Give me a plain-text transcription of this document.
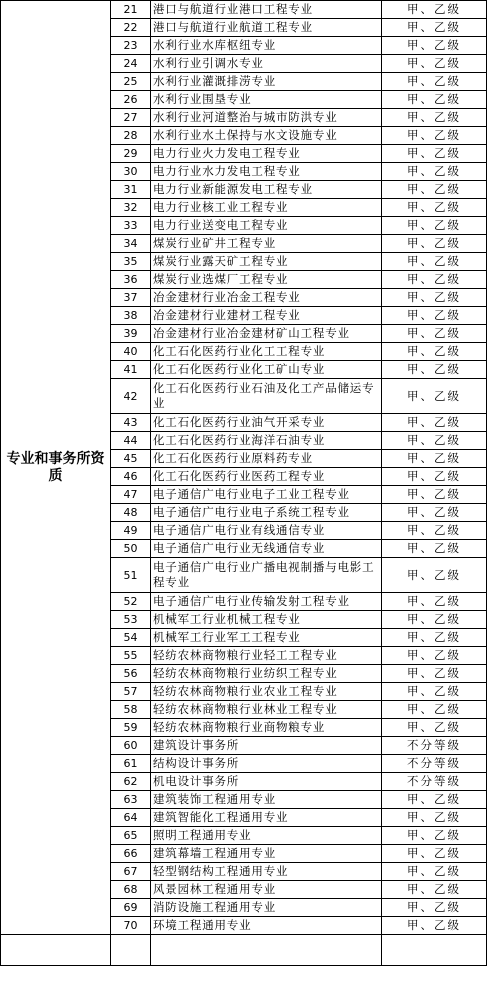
专业和事务所资质	21	港口与航道行业港口工程专业	甲、乙级
	22	港口与航道行业航道工程专业	甲、乙级
	23	水利行业水库枢纽专业	甲、乙级
	24	水利行业引调水专业	甲、乙级
	25	水利行业灌溉排涝专业	甲、乙级
	26	水利行业围垦专业	甲、乙级
	27	水利行业河道整治与城市防洪专业	甲、乙级
	28	水利行业水土保持与水文设施专业	甲、乙级
	29	电力行业火力发电工程专业	甲、乙级
	30	电力行业水力发电工程专业	甲、乙级
	31	电力行业新能源发电工程专业	甲、乙级
	32	电力行业核工业工程专业	甲、乙级
	33	电力行业送变电工程专业	甲、乙级
	34	煤炭行业矿井工程专业	甲、乙级
	35	煤炭行业露天矿工程专业	甲、乙级
	36	煤炭行业选煤厂工程专业	甲、乙级
	37	冶金建材行业冶金工程专业	甲、乙级
	38	冶金建材行业建材工程专业	甲、乙级
	39	冶金建材行业冶金建材矿山工程专业	甲、乙级
	40	化工石化医药行业化工工程专业	甲、乙级
	41	化工石化医药行业化工矿山专业	甲、乙级
	42	化工石化医药行业石油及化工产品储运专业	甲、乙级
	43	化工石化医药行业油气开采专业	甲、乙级
	44	化工石化医药行业海洋石油专业	甲、乙级
	45	化工石化医药行业原料药专业	甲、乙级
	46	化工石化医药行业医药工程专业	甲、乙级
	47	电子通信广电行业电子工业工程专业	甲、乙级
	48	电子通信广电行业电子系统工程专业	甲、乙级
	49	电子通信广电行业有线通信专业	甲、乙级
	50	电子通信广电行业无线通信专业	甲、乙级
	51	电子通信广电行业广播电视制播与电影工程专业	甲、乙级
	52	电子通信广电行业传输发射工程专业	甲、乙级
	53	机械军工行业机械工程专业	甲、乙级
	54	机械军工行业军工工程专业	甲、乙级
	55	轻纺农林商物粮行业轻工工程专业	甲、乙级
	56	轻纺农林商物粮行业纺织工程专业	甲、乙级
	57	轻纺农林商物粮行业农业工程专业	甲、乙级
	58	轻纺农林商物粮行业林业工程专业	甲、乙级
	59	轻纺农林商物粮行业商物粮专业	甲、乙级
	60	建筑设计事务所	不分等级
	61	结构设计事务所	不分等级
	62	机电设计事务所	不分等级
	63	建筑装饰工程通用专业	甲、乙级
	64	建筑智能化工程通用专业	甲、乙级
	65	照明工程通用专业	甲、乙级
	66	建筑幕墙工程通用专业	甲、乙级
	67	轻型钢结构工程通用专业	甲、乙级
	68	风景园林工程通用专业	甲、乙级
	69	消防设施工程通用专业	甲、乙级
	70	环境工程通用专业	甲、乙级
